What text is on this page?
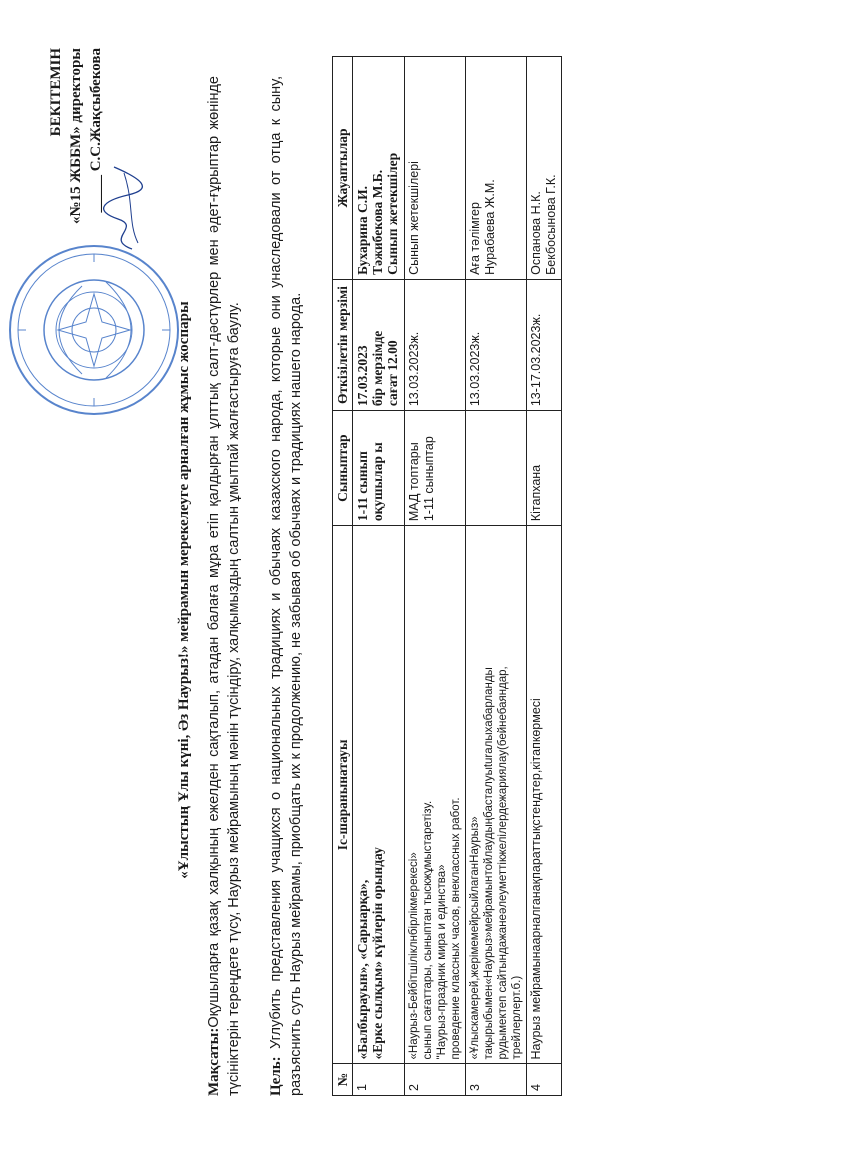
БЕКІТЕМІН «№15 ЖББМ» директоры _____ С.С.Жақсыбекова
«Ұлыстың Ұлы күні, Әз Наурыз!» мейрамын мерекелеуге арналған жұмыс жоспары
Мақсаты:Оқушыларға қазақ халқының ежелден сақталып, атадан балаға мұра етіп қалдырған ұлттық салт-дәстүрлер мен әдет-ғұрыптар жөнінде түсініктерін тереңдете түсу, Наурыз мейрамының мәнін түсіндіру, халқымыздың салтын ұмытпай жалғастыруға баулу. Цель: Углубить представления учащихся о национальных традициях и обычаях казахского народа, которые они унаследовали от отца к сыну, разъяснить суть Наурыз мейрамы, приобщать их к продолжению, не забывая об обычаях и традициях нашего народа. №	Іс-шаранынатауы	Сыныптар	Өткізілетін мерзімі	Жауаптылар
1	«Балбырауын», «Сарыарқа», «Ерке сылқым» күйлерін орындау	1-11 сынып оқушылар ы	17.03.2023 бір мерзімде сағат 12.00	Бухарина С.И. Тәжибекова М.Б. Сынып жетекшілер

2	«Наурыз-Бейбітшіліклнбірлікмерекесі» сынып сағаттары, сыныптан тыскжұмыстаретізу. "Наурыз-праздник мира и единства» проведение классных часов, внеклассных работ.	МАД топтары 1-11 сыныптар	13.03.2023ж.	Сынып жетекшілері

3	«Ұлыскамерей,жерімемейрсыйлаганНаурыз» тақырыбымен«Наурыз»мейрамынтойлаудыңбасталуыturалыхабарланды рудымектеп сайтындажанеәлеуметтікжелілердежариялау(бейнебаяндар, трейлерлерт.б.)		13.03.2023ж.	Аға тәлімгер Нурабаева Ж.М.

4	Наурыз мейрамынаарналганақпараттықстендтер,кітапкөрмесі	Кітапхана	13-17.03.2023ж.	Оспанова Н.К. Бекбосынова Г.К.
